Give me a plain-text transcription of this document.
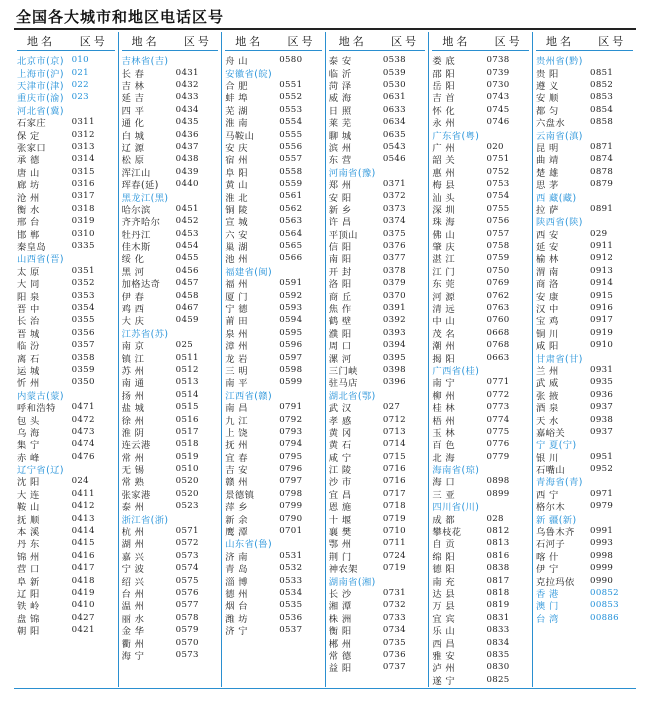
全国各大城市和地区电话区号
地名	区号
北京市(京) 010
上海市(沪) 021
天津市(津) 022
重庆市(渝) 023
河北省(冀)
石家庄	0311
保 定	0312
张家口	0313
承 德	0314
唐 山	0315
廊 坊	0316
沧 州	0317
衡 水	0318
邢 台	0319
邯 郸	0310
秦皇岛	0335
山西省(晋)
太 原	0351
大 同	0352
阳 泉	0353
晋 中	0354
长 治	0355
晋 城	0356
临 汾	0357
离 石	0358
运 城	0359
忻 州	0350
内蒙古(蒙)
呼和浩特	0471
包 头	0472
乌 海	0473
集 宁	0474
赤 峰	0476
辽宁省(辽)
沈 阳	024
大 连	0411
鞍 山	0412
抚 顺	0413
本 溪	0414
丹 东	0415
锦 州	0416
营 口	0417
阜 新	0418
辽 阳	0419
铁 岭	0410
盘 锦	0427
朝 阳	0421
地名	区号
吉林省(吉)
长 春	0431
吉 林	0432
延 吉	0433
四 平	0434
通 化	0435
白 城	0436
辽 源	0437
松 原	0438
浑江山	0439
珲春(延)	0440
黑龙江(黑)
哈尔滨	0451
齐齐哈尔	0452
牡丹江	0453
佳木斯	0454
绥 化	0455
黑 河	0456
加格达奇	0457
伊 春	0458
鸡 西	0467
大 庆	0459
江苏省(苏)
南 京	025
镇 江	0511
苏 州	0512
南 通	0513
扬 州	0514
盐 城	0515
徐 州	0516
淮 阴	0517
连云港	0518
常 州	0519
无 锡	0510
常 熟	0520
张家港	0520
泰 州	0523
浙江省(浙)
杭 州	0571
湖 州	0572
嘉 兴	0573
宁 波	0574
绍 兴	0575
台 州	0576
温 州	0577
丽 水	0578
金 华	0579
衢 州	0570
海 宁	0573
地名	区号
舟 山	0580
安徽省(皖)
合 肥	0551
蚌 埠	0552
芜 湖	0553
淮 南	0554
马鞍山	0555
安 庆	0556
宿 州	0557
阜 阳	0558
黄 山	0559
淮 北	0561
铜 陵	0562
宣 城	0563
六 安	0564
巢 湖	0565
池 州	0566
福建省(闽)
福 州	0591
厦 门	0592
宁 德	0593
莆 田	0594
泉 州	0595
漳 州	0596
龙 岩	0597
三 明	0598
南 平	0599
江西省(赣)
南 昌	0791
九 江	0792
上 饶	0793
抚 州	0794
宜 春	0795
吉 安	0796
赣 州	0797
景德镇	0798
萍 乡	0799
新 余	0790
鹰 潭	0701
山东省(鲁)
济 南	0531
青 岛	0532
淄 博	0533
德 州	0534
烟 台	0535
潍 坊	0536
济 宁	0537
地名	区号
泰 安	0538
临 沂	0539
菏 泽	0530
威 海	0631
日 照	0633
莱 芜	0634
聊 城	0635
滨 州	0543
东 营	0546
河南省(豫)
郑 州	0371
安 阳	0372
新 乡	0373
许 昌	0374
平顶山	0375
信 阳	0376
南 阳	0377
开 封	0378
洛 阳	0379
商 丘	0370
焦 作	0391
鹤 壁	0392
濮 阳	0393
周 口	0394
漯 河	0395
三门峡	0398
驻马店	0396
湖北省(鄂)
武 汉	027
孝 感	0712
黄 冈	0713
黄 石	0714
咸 宁	0715
江 陵	0716
沙 市	0716
宜 昌	0717
恩 施	0718
十 堰	0719
襄 樊	0710
鄂 州	0711
荆 门	0724
神农架	0719
湖南省(湘)
长 沙	0731
湘 潭	0732
株 洲	0733
衡 阳	0734
郴 州	0735
常 德	0736
益 阳	0737
地名	区号
娄 底	0738
邵 阳	0739
岳 阳	0730
吉 首	0743
怀 化	0745
永 州	0746
广东省(粤)
广 州	020
韶 关	0751
惠 州	0752
梅 县	0753
汕 头	0754
深 圳	0755
珠 海	0756
佛 山	0757
肇 庆	0758
湛 江	0759
江 门	0750
东 莞	0769
河 源	0762
清 远	0763
中 山	0760
茂 名	0668
潮 州	0768
揭 阳	0663
广西省(桂)
南 宁	0771
柳 州	0772
桂 林	0773
梧 州	0774
玉 林	0775
百 色	0776
北 海	0779
海南省(琼)
海 口	0898
三 亚	0899
四川省(川)
成 都	028
攀枝花	0812
自 贡	0813
绵 阳	0816
德 阳	0838
南 充	0817
达 县	0818
万 县	0819
宜 宾	0831
乐 山	0833
西 昌	0834
雅 安	0835
泸 州	0830
遂 宁	0825
地名	区号
贵州省(黔)
贵 阳	0851
遵 义	0852
安 顺	0853
都 匀	0854
六盘水	0858
云南省(滇)
昆 明	0871
曲 靖	0874
楚 雄	0878
思 茅	0879
西 藏(藏)
拉 萨	0891
陕西省(陕)
西 安	029
延 安	0911
榆 林	0912
渭 南	0913
商 洛	0914
安 康	0915
汉 中	0916
宝 鸡	0917
铜 川	0919
咸 阳	0910
甘肃省(甘)
兰 州	0931
武 威	0935
张 掖	0936
酒 泉	0937
天 水	0938
嘉峪关	0937
宁 夏(宁)
银 川	0951
石嘴山	0952
青海省(青)
西 宁	0971
格尔木	0979
新 疆(新)
乌鲁木齐	0991
石河子	0993
喀 什	0998
伊 宁	0999
克拉玛依	0990
香 港	00852
澳 门	00853
台 湾	00886
